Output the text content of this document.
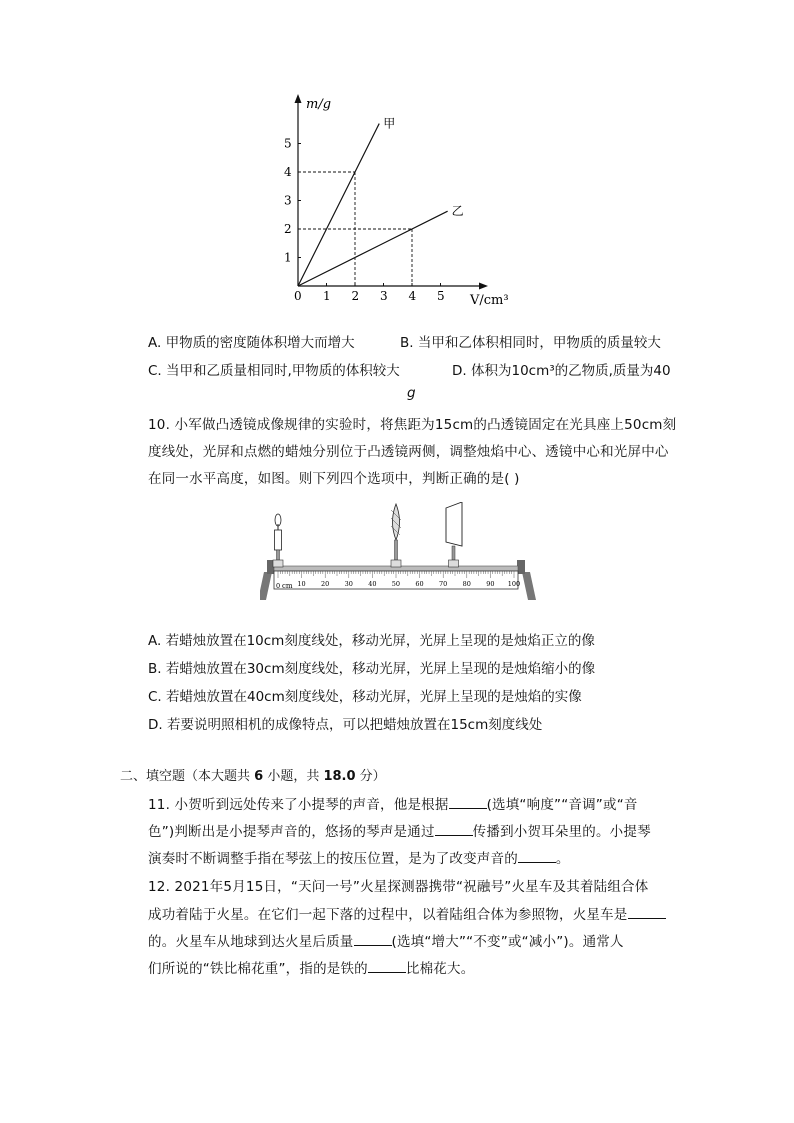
m/g
V/cm³
0 1 2 3 4 5
1
2
3
4
5
甲
乙
A. 甲物质的密度随体积增大而增大	B. 当甲和乙体积相同时，甲物质的质量较大
C. 当甲和乙质量相同时,甲物质的体积较大	D. 体积为10cm³的乙物质,质量为40
g
10. 小军做凸透镜成像规律的实验时，将焦距为15cm的凸透镜固定在光具座上50cm刻
度线处，光屏和点燃的蜡烛分别位于凸透镜两侧，调整烛焰中心、透镜中心和光屏中心
在同一水平高度，如图。则下列四个选项中，判断正确的是( )
10 20 30 40 50 60 70 80 90 100
0 cm
A. 若蜡烛放置在10cm刻度线处，移动光屏，光屏上呈现的是烛焰正立的像
B. 若蜡烛放置在30cm刻度线处，移动光屏，光屏上呈现的是烛焰缩小的像
C. 若蜡烛放置在40cm刻度线处，移动光屏，光屏上呈现的是烛焰的实像
D. 若要说明照相机的成像特点，可以把蜡烛放置在15cm刻度线处
二、填空题（本大题共 6 小题，共 18.0 分）
11. 小贺听到远处传来了小提琴的声音，他是根据	(选填“响度”“音调”或“音
色”)判断出是小提琴声音的，悠扬的琴声是通过	传播到小贺耳朵里的。小提琴
演奏时不断调整手指在琴弦上的按压位置，是为了改变声音的	。
12. 2021年5月15日，“天问一号”火星探测器携带“祝融号”火星车及其着陆组合体
成功着陆于火星。在它们一起下落的过程中，以着陆组合体为参照物，火星车是
的。火星车从地球到达火星后质量	(选填“增大”“不变”或“减小”)。通常人
们所说的“铁比棉花重”，指的是铁的	比棉花大。
